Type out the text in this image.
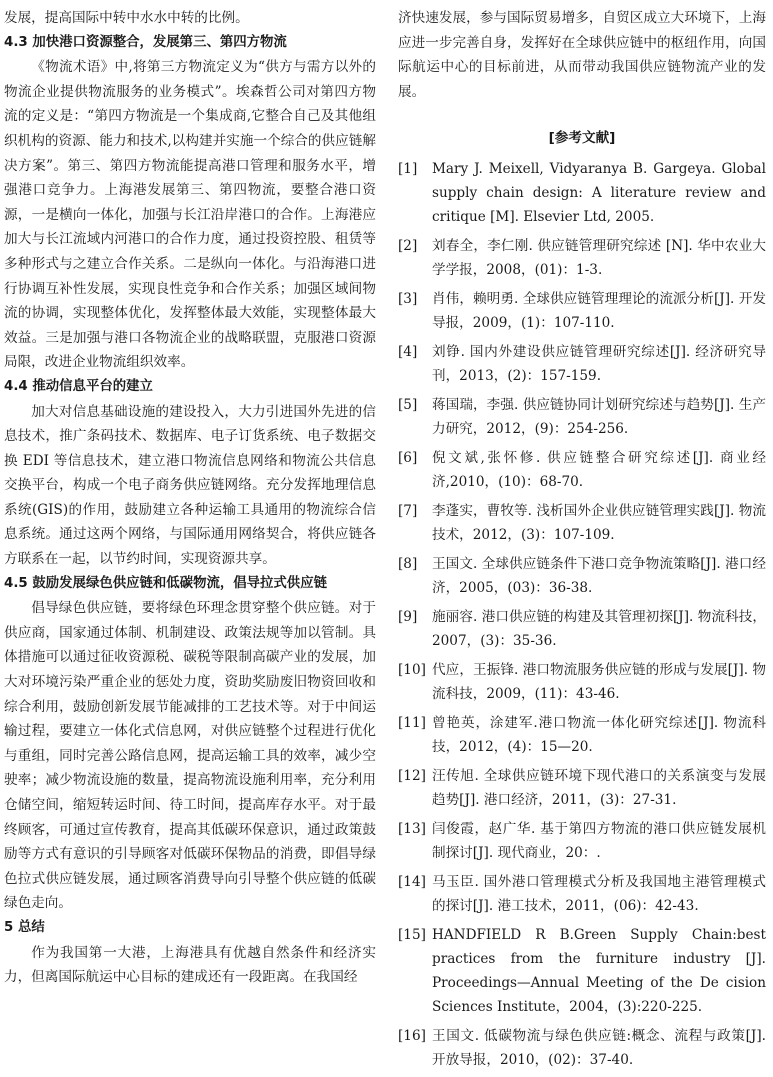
发展，提高国际中转中水水中转的比例。

4.3 加快港口资源整合，发展第三、第四方物流

《物流术语》中,将第三方物流定义为“供方与需方以外的物流企业提供物流服务的业务模式”。埃森哲公司对第四方物流的定义是：“第四方物流是一个集成商,它整合自己及其他组织机构的资源、能力和技术,以构建并实施一个综合的供应链解决方案”。第三、第四方物流能提高港口管理和服务水平，增强港口竞争力。上海港发展第三、第四物流，要整合港口资源，一是横向一体化，加强与长江沿岸港口的合作。上海港应加大与长江流域内河港口的合作力度，通过投资控股、租赁等多种形式与之建立合作关系。二是纵向一体化。与沿海港口进行协调互补性发展，实现良性竞争和合作关系；加强区域间物流的协调，实现整体优化，发挥整体最大效能，实现整体最大效益。三是加强与港口各物流企业的战略联盟，克服港口资源局限，改进企业物流组织效率。

4.4 推动信息平台的建立

加大对信息基础设施的建设投入，大力引进国外先进的信息技术，推广条码技术、数据库、电子订货系统、电子数据交换 EDI 等信息技术，建立港口物流信息网络和物流公共信息交换平台，构成一个电子商务供应链网络。充分发挥地理信息系统(GIS)的作用，鼓励建立各种运输工具通用的物流综合信息系统。通过这两个网络，与国际通用网络契合，将供应链各方联系在一起，以节约时间，实现资源共享。

4.5 鼓励发展绿色供应链和低碳物流，倡导拉式供应链

倡导绿色供应链，要将绿色环理念贯穿整个供应链。对于供应商，国家通过体制、机制建设、政策法规等加以管制。具体措施可以通过征收资源税、碳税等限制高碳产业的发展，加大对环境污染严重企业的惩处力度，资助奖励废旧物资回收和综合利用，鼓励创新发展节能减排的工艺技术等。对于中间运输过程，要建立一体化式信息网，对供应链整个过程进行优化与重组，同时完善公路信息网，提高运输工具的效率，减少空驶率；减少物流设施的数量，提高物流设施利用率，充分利用仓储空间，缩短转运时间、待工时间，提高库存水平。对于最终顾客，可通过宣传教育，提高其低碳环保意识，通过政策鼓励等方式有意识的引导顾客对低碳环保物品的消费，即倡导绿色拉式供应链发展，通过顾客消费导向引导整个供应链的低碳绿色走向。

5 总结

作为我国第一大港，上海港具有优越自然条件和经济实力，但离国际航运中心目标的建成还有一段距离。在我国经

济快速发展，参与国际贸易增多，自贸区成立大环境下，上海应进一步完善自身，发挥好在全球供应链中的枢纽作用，向国际航运中心的目标前进，从而带动我国供应链物流产业的发展。

[参考文献]
[1]	Mary J. Meixell, Vidyaranya B. Gargeya. Global supply chain design: A literature review and critique [M]. Elsevier Ltd, 2005.
[2]	刘春全，李仁刚. 供应链管理研究综述 [N]. 华中农业大学学报，2008，(01)：1-3.
[3]	肖伟，赖明勇. 全球供应链管理理论的流派分析[J]. 开发导报，2009，(1)：107-110.
[4]	刘铮. 国内外建设供应链管理研究综述[J]. 经济研究导刊，2013，(2)：157-159.
[5]	蒋国瑞，李强. 供应链协同计划研究综述与趋势[J]. 生产力研究，2012，(9)：254-256.
[6]	倪文斌,张怀修. 供应链整合研究综述[J]. 商业经济,2010，(10)：68-70.
[7]	李蓬实，曹牧等. 浅析国外企业供应链管理实践[J]. 物流技术，2012，(3)：107-109.
[8]	王国文. 全球供应链条件下港口竞争物流策略[J]. 港口经济，2005，(03)：36-38.
[9]	施丽容. 港口供应链的构建及其管理初探[J]. 物流科技，2007，(3)：35-36.
[10] 代应，王振锋. 港口物流服务供应链的形成与发展[J]. 物流科技，2009，(11)：43-46.
[11] 曾艳英，涂建军.港口物流一体化研究综述[J]. 物流科技，2012，(4)：15—20.
[12] 汪传旭. 全球供应链环境下现代港口的关系演变与发展趋势[J]. 港口经济，2011，(3)：27-31.
[13] 闫俊霞，赵广华. 基于第四方物流的港口供应链发展机制探讨[J]. 现代商业，20：.
[14] 马玉臣. 国外港口管理模式分析及我国地主港管理模式的探讨[J]. 港工技术，2011，(06)：42-43.
[15] HANDFIELD R B.Green Supply Chain:best practices from the furniture industry [J]. Proceedings—Annual Meeting of the De cision Sciences Institute，2004，(3):220-225.
[16] 王国文. 低碳物流与绿色供应链:概念、流程与政策[J]. 开放导报，2010，(02)：37-40.
